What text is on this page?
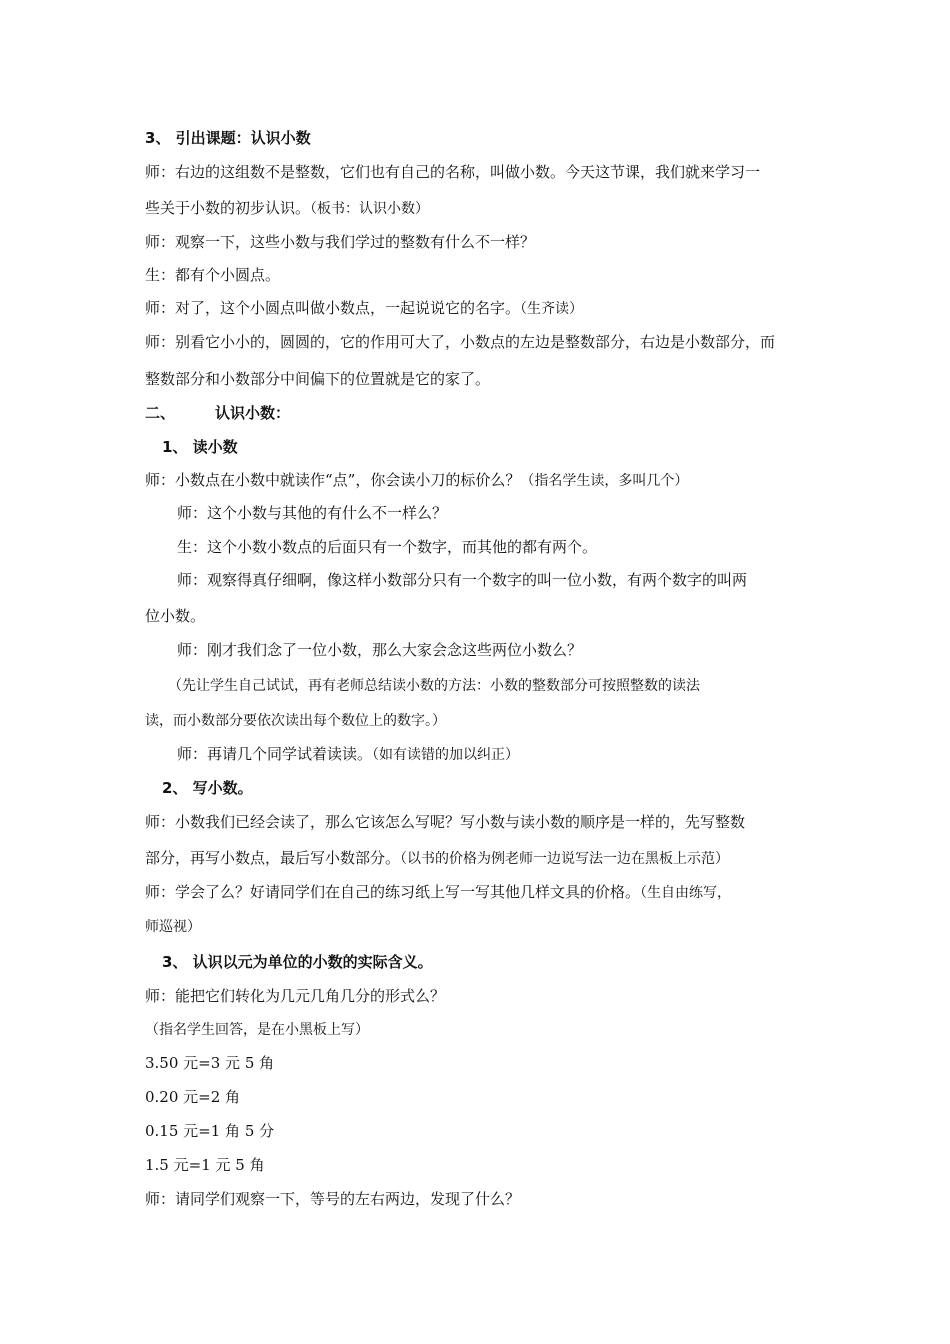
3、 引出课题：认识小数
师：右边的这组数不是整数，它们也有自己的名称，叫做小数。今天这节课，我们就来学习一
些关于小数的初步认识。（板书：认识小数）
师：观察一下，这些小数与我们学过的整数有什么不一样？
生：都有个小圆点。
师：对了，这个小圆点叫做小数点，一起说说它的名字。（生齐读）
师：别看它小小的，圆圆的，它的作用可大了，小数点的左边是整数部分，右边是小数部分，而
整数部分和小数部分中间偏下的位置就是它的家了。
二、	认识小数：
1、 读小数
师：小数点在小数中就读作“点”，你会读小刀的标价么？（指名学生读，多叫几个）
师：这个小数与其他的有什么不一样么？
生：这个小数小数点的后面只有一个数字，而其他的都有两个。
师：观察得真仔细啊，像这样小数部分只有一个数字的叫一位小数，有两个数字的叫两
位小数。
师：刚才我们念了一位小数，那么大家会念这些两位小数么？
（先让学生自己试试，再有老师总结读小数的方法：小数的整数部分可按照整数的读法
读，而小数部分要依次读出每个数位上的数字。）
师：再请几个同学试着读读。（如有读错的加以纠正）
2、 写小数。
师：小数我们已经会读了，那么它该怎么写呢？写小数与读小数的顺序是一样的，先写整数
部分，再写小数点，最后写小数部分。（以书的价格为例老师一边说写法一边在黑板上示范）
师：学会了么？好请同学们在自己的练习纸上写一写其他几样文具的价格。（生自由练写，
师巡视）
3、 认识以元为单位的小数的实际含义。
师：能把它们转化为几元几角几分的形式么？
（指名学生回答，是在小黑板上写）
3.50 元=3 元 5 角
0.20 元=2 角
0.15 元=1 角 5 分
1.5 元=1 元 5 角
师：请同学们观察一下，等号的左右两边，发现了什么？
